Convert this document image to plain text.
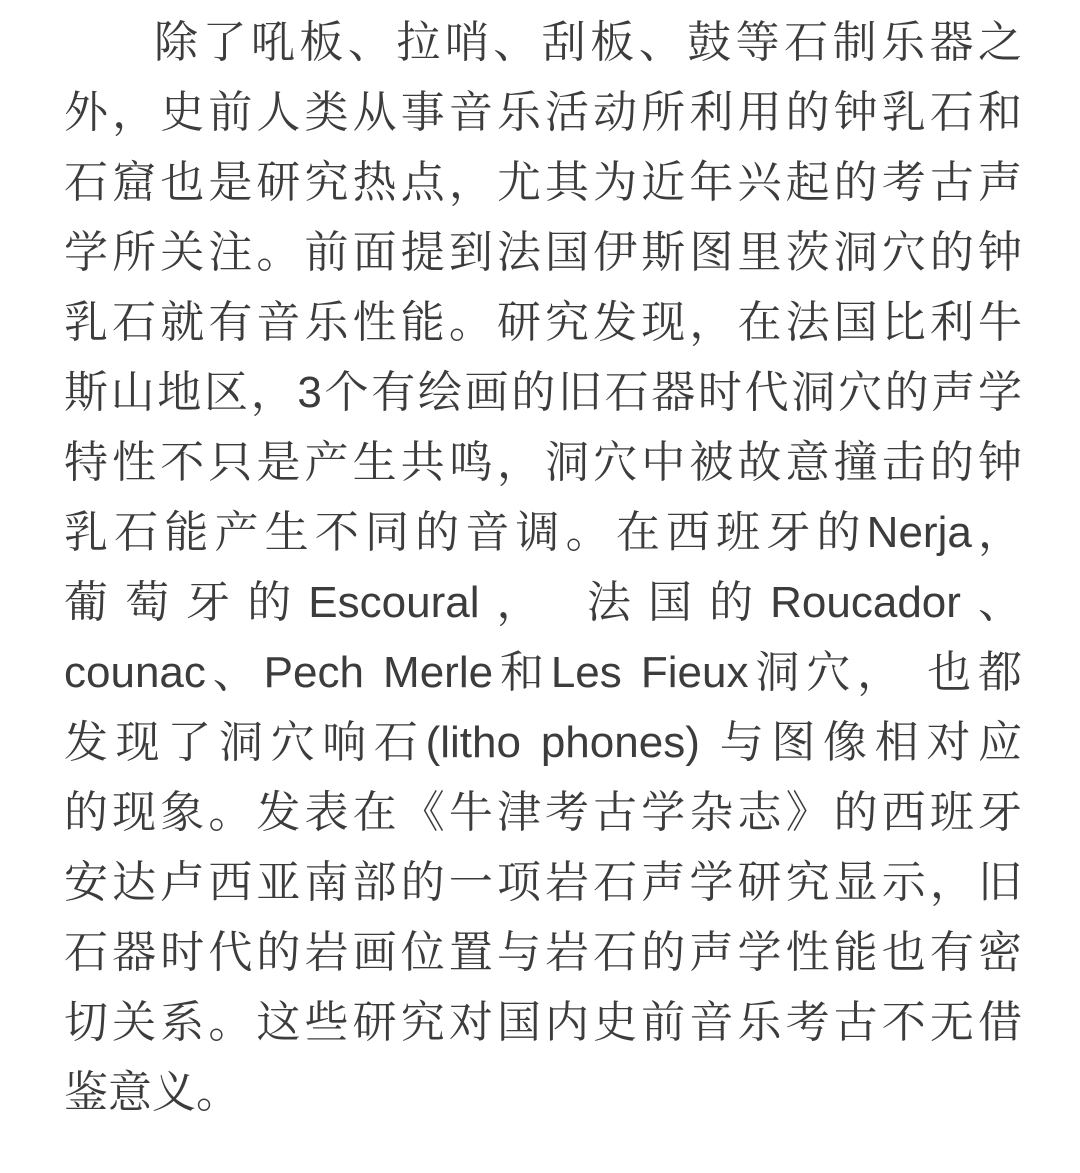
除了吼板、拉哨、刮板、鼓等石制乐器之
外，史前人类从事音乐活动所利用的钟乳石和
石窟也是研究热点，尤其为近年兴起的考古声
学所关注。前面提到法国伊斯图里茨洞穴的钟
乳石就有音乐性能。研究发现，在法国比利牛
斯山地区，3个有绘画的旧石器时代洞穴的声学
特性不只是产生共鸣，洞穴中被故意撞击的钟
乳石能产生不同的音调。在西班牙的Nerja，
葡萄牙的Escoural， 法国的Roucador、
counac、Pech Merle和Les Fieux洞穴， 也都
发现了洞穴响石(litho phones) 与图像相对应
的现象。发表在《牛津考古学杂志》的西班牙
安达卢西亚南部的一项岩石声学研究显示，旧
石器时代的岩画位置与岩石的声学性能也有密
切关系。这些研究对国内史前音乐考古不无借
鉴意义。
